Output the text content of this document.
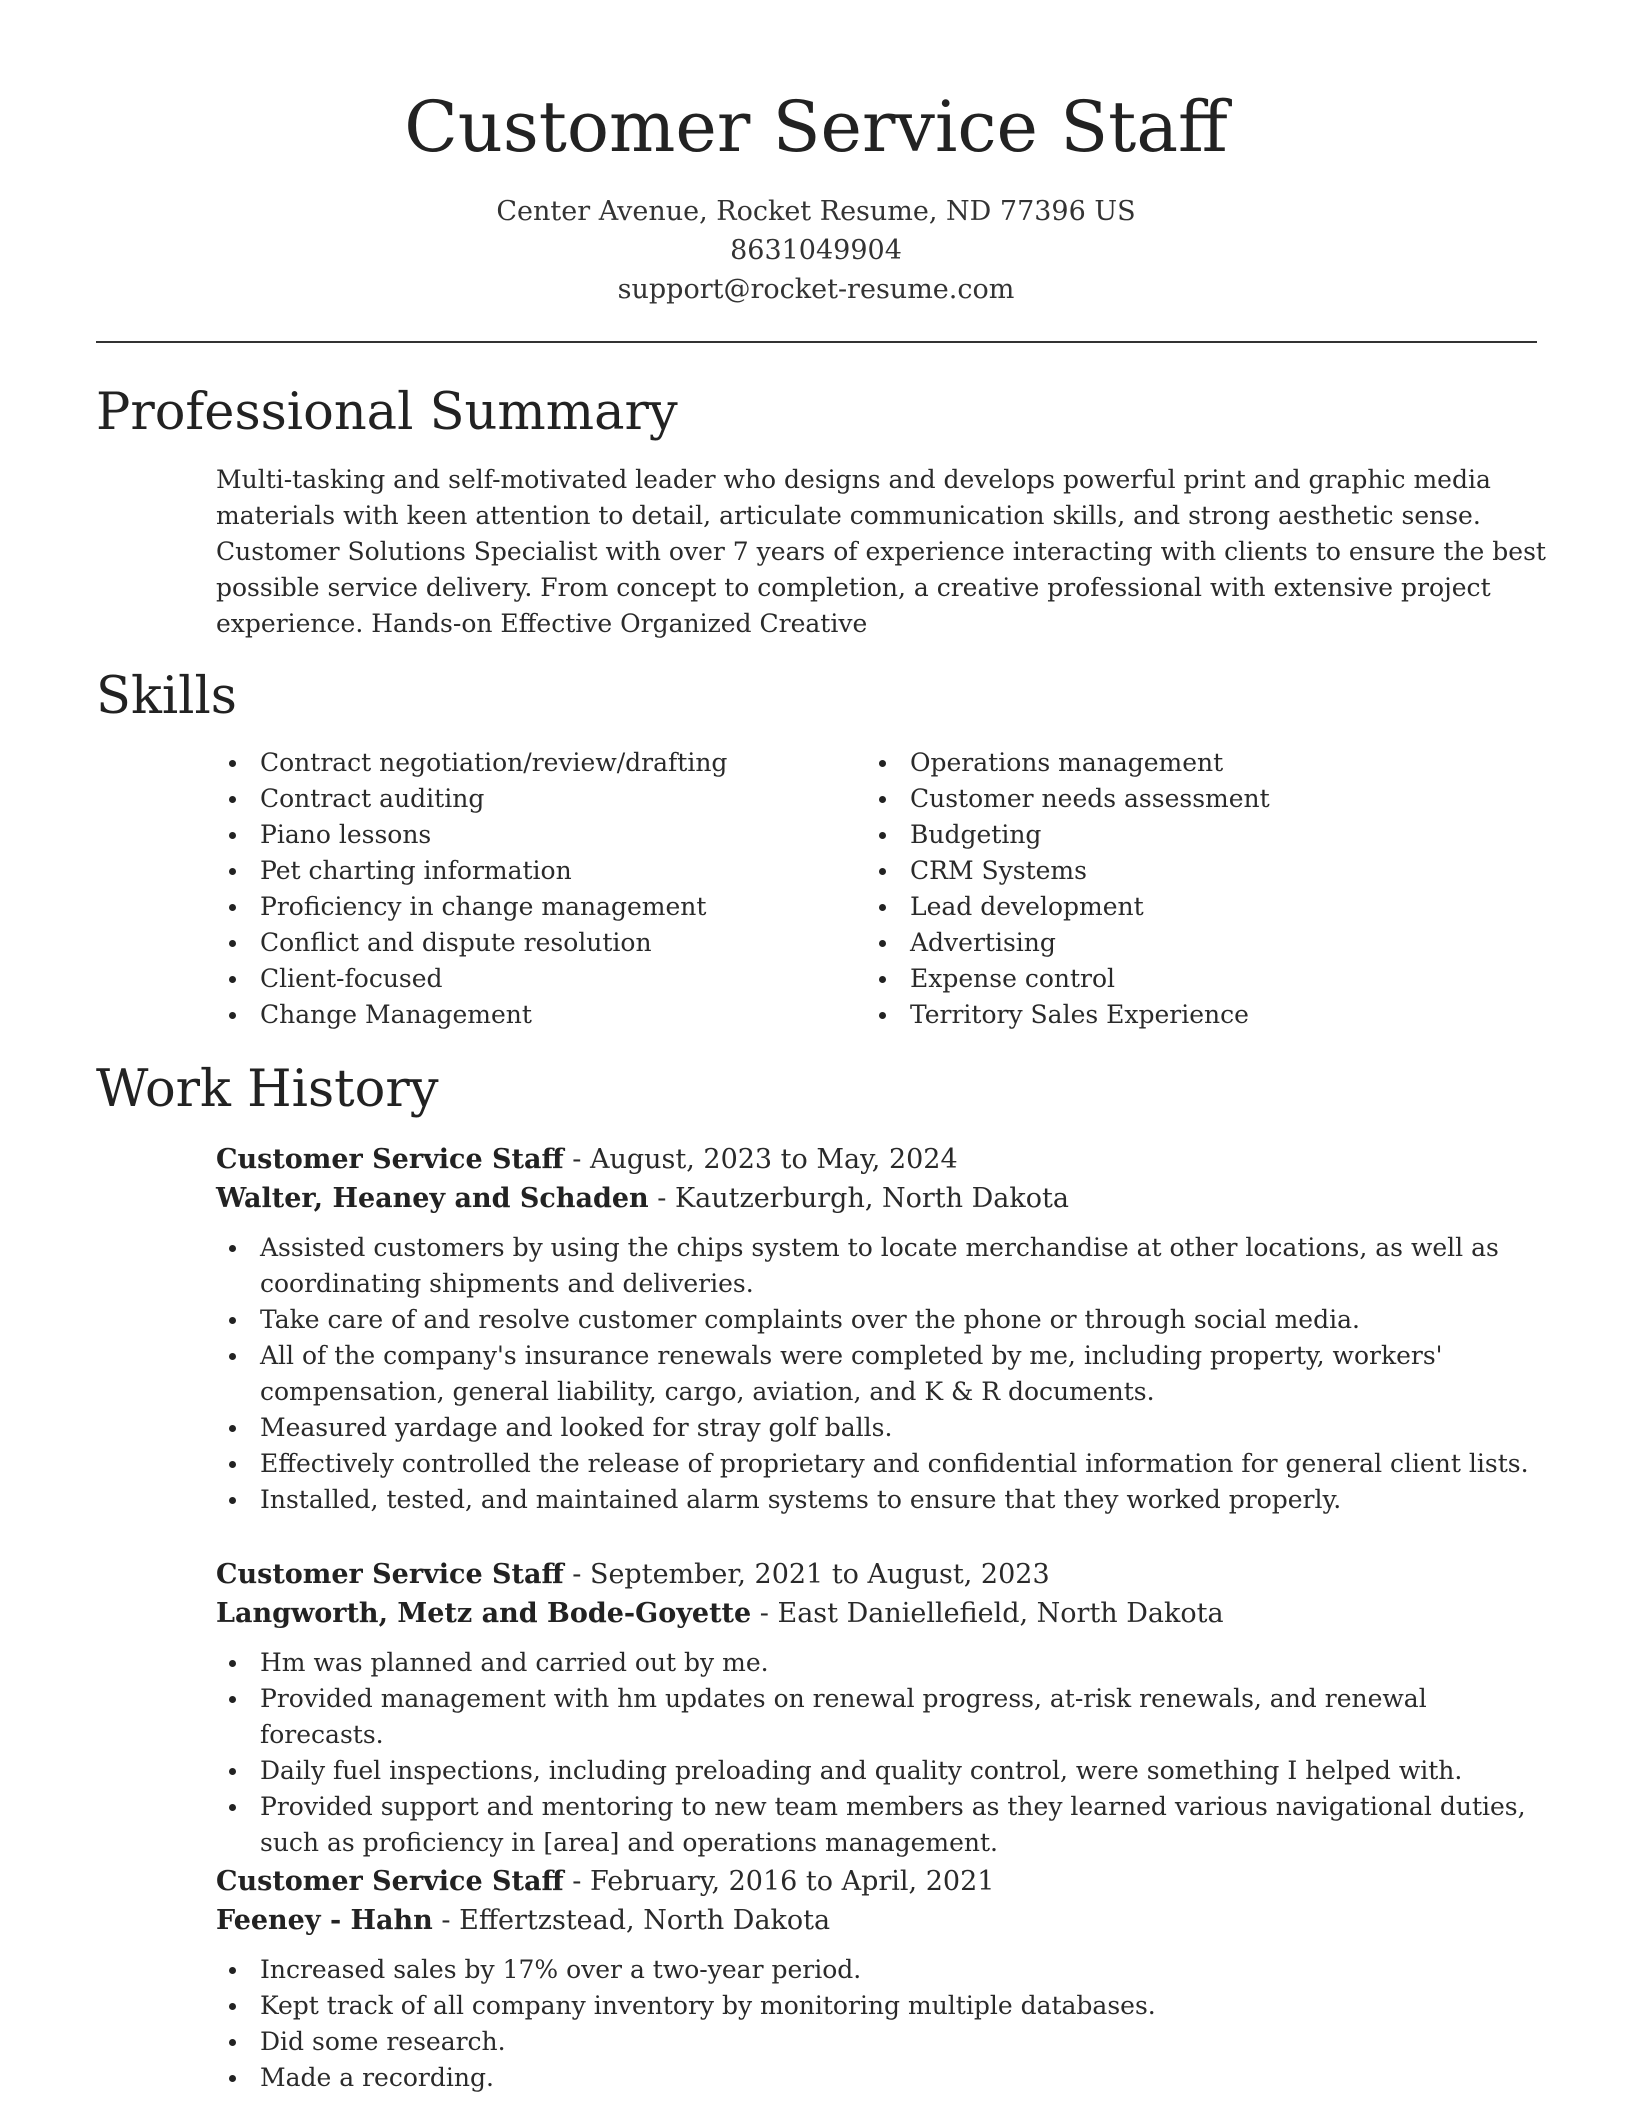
Customer Service Staff
Center Avenue, Rocket Resume, ND 77396 US
8631049904
support@rocket-resume.com
Professional Summary

Multi-tasking and self-motivated leader who designs and develops powerful print and graphic media materials with keen attention to detail, articulate communication skills, and strong aesthetic sense. Customer Solutions Specialist with over 7 years of experience interacting with clients to ensure the best possible service delivery. From concept to completion, a creative professional with extensive project experience. Hands-on Effective Organized Creative

Skills
Contract negotiation/review/drafting
Contract auditing
Piano lessons
Pet charting information
Proficiency in change management
Conflict and dispute resolution
Client-focused
Change Management
Operations management
Customer needs assessment
Budgeting
CRM Systems
Lead development
Advertising
Expense control
Territory Sales Experience
Work History
Customer Service Staff - August, 2023 to May, 2024
Walter, Heaney and Schaden - Kautzerburgh, North Dakota
Assisted customers by using the chips system to locate merchandise at other locations, as well as coordinating shipments and deliveries.
Take care of and resolve customer complaints over the phone or through social media.
All of the company's insurance renewals were completed by me, including property, workers' compensation, general liability, cargo, aviation, and K & R documents.
Measured yardage and looked for stray golf balls.
Effectively controlled the release of proprietary and confidential information for general client lists.
Installed, tested, and maintained alarm systems to ensure that they worked properly.
Customer Service Staff - September, 2021 to August, 2023
Langworth, Metz and Bode-Goyette - East Daniellefield, North Dakota
Hm was planned and carried out by me.
Provided management with hm updates on renewal progress, at-risk renewals, and renewal forecasts.
Daily fuel inspections, including preloading and quality control, were something I helped with.
Provided support and mentoring to new team members as they learned various navigational duties, such as proficiency in [area] and operations management.
Customer Service Staff - February, 2016 to April, 2021
Feeney - Hahn - Effertzstead, North Dakota
Increased sales by 17% over a two-year period.
Kept track of all company inventory by monitoring multiple databases.
Did some research.
Made a recording.
